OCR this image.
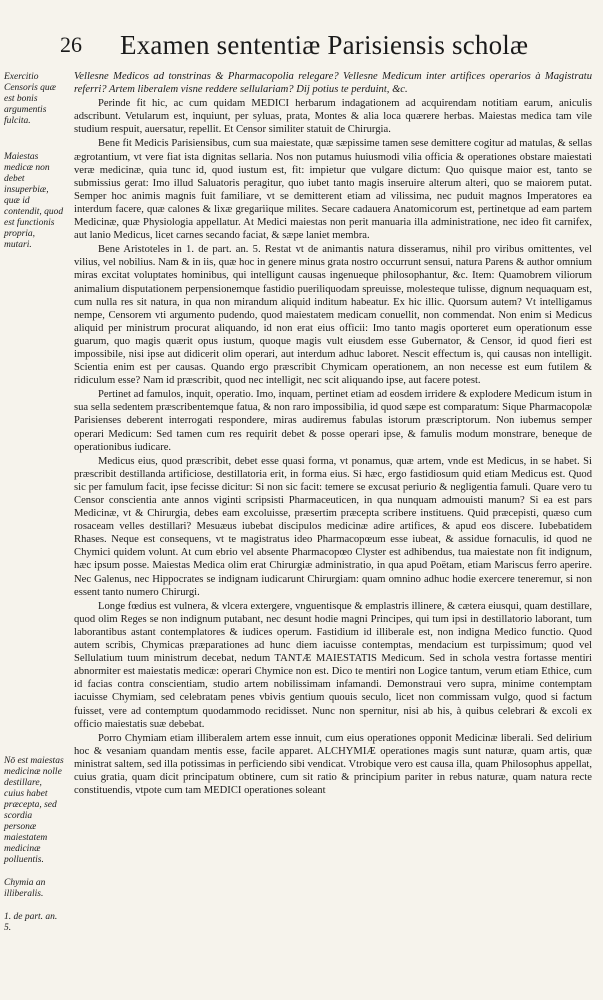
26 Examen sententiæ Parisiensis scholæ

Exercitio Censoris quæ est bonis argumentis fulcita.

Maiestas medicæ non debet insuperbiæ, quæ id contendit, quod est functionis propria, mutari.

Nō est maiestas medicinæ nolle destillare, cuius habet præcepta, sed scordia personæ maiestatem medicinæ polluentis.

Chymia an illiberalis.

1. de part. an. 5.

Vellesne Medicos ad tonstrinas & Pharmacopolia relegare? Vellesne Medicum inter artifices operarios à Magistratu referri? Artem liberalem visne reddere sellulariam? Dij potius te perduint, &c.

Perinde fit hic, ac cum quidam MEDICI herbarum indagationem ad acquirendam notitiam earum, aniculis adscribunt. Vetularum est, inquiunt, per syluas, prata, Montes & alia loca quærere herbas. Maiestas medica tam vile studium respuit, auersatur, repellit. Et Censor similiter statuit de Chirurgia.

Bene fit Medicis Parisiensibus, cum sua maiestate, quæ sæpissime tamen sese demittere cogitur ad matulas, & sellas ægrotantium, vt vere fiat ista dignitas sellaria. Nos non putamus huiusmodi vilia officia & operationes obstare maiestati veræ medicinæ, quia tunc id, quod iustum est, fit: impietur que vulgare dictum: Quo quisque maior est, tanto se submissius gerat: Imo illud Saluatoris peragitur, quo iubet tanto magis inseruire alterum alteri, quo se maiorem putat. Semper hoc animis magnis fuit familiare, vt se demitterent etiam ad vilissima, nec puduit magnos Imperatores ea interdum facere, quæ calones & lixæ gregariique milites. Secare cadauera Anatomicorum est, pertinetque ad eam partem Medicinæ, quæ Physiologia appellatur. At Medici maiestas non perit manuaria illa administratione, nec ideo fit carnifex, aut lanio Medicus, licet carnes secando faciat, & sæpe laniet membra.

Bene Aristoteles in 1. de part. an. 5. Restat vt de animantis natura disseramus, nihil pro viribus omittentes, vel vilius, vel nobilius. Nam & in iis, quæ hoc in genere minus grata nostro occurrunt sensui, natura Parens & author omnium miras excitat voluptates hominibus, qui intelligunt causas ingenueque philosophantur, &c. Item: Quamobrem viliorum animalium disputationem perpensionemque fastidio pueriliquodam spreuisse, molesteque tulisse, dignum nequaquam est, cum nulla res sit natura, in qua non mirandum aliquid inditum habeatur. Ex hic illic. Quorsum autem? Vt intelligamus nempe, Censorem vti argumento pudendo, quod maiestatem medicam conuellit, non commendat. Non enim si Medicus aliquid per ministrum procurat aliquando, id non erat eius officii: Imo tanto magis oporteret eum operationum esse guarum, quo magis quærit opus iustum, quoque magis vult eiusdem esse Gubernator, & Censor, id quod fieri est impossibile, nisi ipse aut didicerit olim operari, aut interdum adhuc laboret. Nescit effectum is, qui causas non intelligit. Scientia enim est per causas. Quando ergo præscribit Chymicam operationem, an non necesse est eum futilem & ridiculum esse? Nam id præscribit, quod nec intelligit, nec scit aliquando ipse, aut facere potest.

Pertinet ad famulos, inquit, operatio. Imo, inquam, pertinet etiam ad eosdem irridere & explodere Medicum istum in sua sella sedentem præscribentemque fatua, & non raro impossibilia, id quod sæpe est comparatum: Sique Pharmacopolæ Parisienses deberent interrogati respondere, miras audiremus fabulas istorum præscriptorum. Non iubemus semper operari Medicum: Sed tamen cum res requirit debet & posse operari ipse, & famulis modum monstrare, beneque de operationibus iudicare.

Medicus eius, quod præscribit, debet esse quasi forma, vt ponamus, quæ artem, vnde est Medicus, in se habet. Si præscribit destillanda artificiose, destillatoria erit, in forma eius. Si hæc, ergo fastidiosum quid etiam Medicus est. Quod sic per famulum facit, ipse fecisse dicitur: Si non sic facit: temere se excusat periurio & negligentia famuli. Quare vero tu Censor conscientia ante annos viginti scripsisti Pharmaceuticen, in qua nunquam admouisti manum? Si ea est pars Medicinæ, vt & Chirurgia, debes eam excoluisse, præsertim præcepta scribere instituens. Quid præcepisti, quæso cum rosaceam velles destillari? Mesuæus iubebat discipulos medicinæ adire artifices, & apud eos discere. Iubebatidem Rhases. Neque est consequens, vt te magistratus ideo Pharmacopœum esse iubeat, & assidue fornaculis, id quod ne Chymici quidem volunt. At cum ebrio vel absente Pharmacopœo Clyster est adhibendus, tua maiestate non fit indignum, hæc ipsum posse. Maiestas Medica olim erat Chirurgiæ administratio, in qua apud Poëtam, etiam Mariscus ferro aperire. Nec Galenus, nec Hippocrates se indignam iudicarunt Chirurgiam: quam omnino adhuc hodie exercere teneremur, si non essent tanto numero Chirurgi.

Longe fœdius est vulnera, & vlcera extergere, vnguentisque & emplastris illinere, & cætera eiusqui, quam destillare, quod olim Reges se non indignum putabant, nec desunt hodie magni Principes, qui tum ipsi in destillatorio laborant, tum laborantibus astant contemplatores & iudices operum. Fastidium id illiberale est, non indigna Medico functio. Quod autem scribis, Chymicas præparationes ad hunc diem iacuisse contemptas, mendacium est turpissimum; quod vel Sellulatium tuum ministrum decebat, nedum TANTÆ MAIESTATIS Medicum. Sed in schola vestra fortasse mentiri abnormiter est maiestatis medicæ: operari Chymice non est. Dico te mentiri non Logice tantum, verum etiam Ethice, cum id facias contra conscientiam, studio artem nobilissimam infamandi. Demonstraui vero supra, minime contemptam iacuisse Chymiam, sed celebratam penes vbivis gentium quouis seculo, licet non commissam vulgo, quod si factum fuisset, vere ad contemptum quodammodo recidisset. Nunc non spernitur, nisi ab his, à quibus celebrari & excoli ex officio maiestatis suæ debebat.

Porro Chymiam etiam illiberalem artem esse innuit, cum eius operationes opponit Medicinæ liberali. Sed delirium hoc & vesaniam quandam mentis esse, facile apparet. ALCHYMIÆ operationes magis sunt naturæ, quam artis, quæ ministrat saltem, sed illa potissimas in perficiendo sibi vendicat. Vtrobique vero est causa illa, quam Philosophus appellat, cuius gratia, quam dicit principatum obtinere, cum sit ratio & principium pariter in rebus naturæ, quam natura recte constituendis, vtpote cum tam MEDICI operationes soleant
